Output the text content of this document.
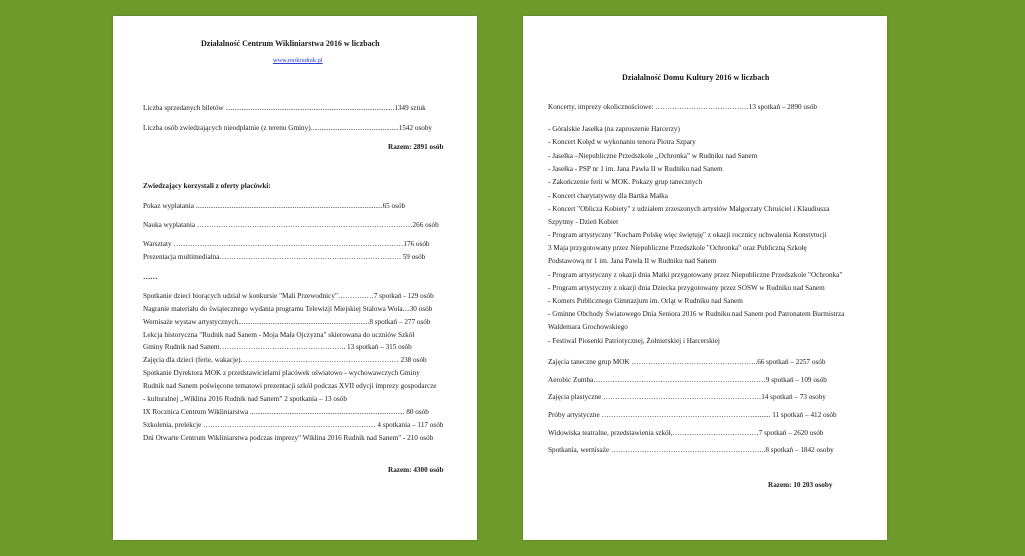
Działalność Centrum Wikliniarstwa 2016 w liczbach
www.mokrudnik.pl
Liczba sprzedanych biletów ..............................................................................................1349 sztuk
Liczba osób zwiedzających nieodpłatnie (z terenu Gminy).................................................1542 osoby
Razem: 2891 osób
Zwiedzający korzystali z oferty placówki:
Pokaz wyplatania ........................................................................................................65 osób
Nauka wyplatania ………………………………………………………………………………266 osób
Warsztaty ……………………………………………………………………………………176 osób
Prezentacja multimedialna…………………………………………………………………. 59 osób
……
Spotkanie dzieci biorących udział w konkursie "Mali Przewodnicy"……………7 spotkań - 129 osób
Nagranie materiału do świątecznego wydania programu Telewizji Miejskiej Stalowa Wola....30 osób
Wernisaże wystaw artystycznych.........................................................................8 spotkań – 277 osób
Lekcja historyczna "Rudnik nad Sanem - Moja Mała Ojczyzna" skierowana do uczniów Szkół
Gminy Rudnik nad Sanem…………………………………………….. 13 spotkań – 315 osób
Zajęcia dla dzieci (ferie, wakacje)………………………………………………………… 238 osób
Spotkanie Dyrektora MOK z przedstawicielami placówek oświatowo - wychowawczych Gminy
Rudnik nad Sanem poświęcone tematowi prezentacji szkół podczas XVII edycji imprezy gospodarcze
- kulturalnej ,,Wiklina 2016 Rudnik nad Sanem” 2 spotkania – 13 osób
IX Rocznica Centrum Wikliniarstwa ...................................................................................... 80 osób
Szkolenia, prelekcje ……………………………………………………………… 4 spotkania – 117 osób
Dni Otwarte Centrum Wikliniarstwa podczas imprezy" Wiklina 2016 Rudnik nad Sanem" - 210 osób
Razem: 4300 osób
Działalność Domu Kultury 2016 w liczbach
Koncerty, imprezy okolicznościowe: …………………………………13 spotkań – 2890 osób
- Góralskie Jasełka (na zaproszenie Harcerzy)
- Koncert Kolęd w wykonaniu tenora Piotra Szpary
- Jasełka –Niepubliczne Przedszkole ,,Ochronka” w Rudniku nad Sanem
- Jasełka - PSP nr 1 im. Jana Pawła II w Rudniku nad Sanem
- Zakończenie ferii w MOK. Pokazy grup tanecznych
- Koncert charytatywny dla Bartka Małka
- Koncert "Oblicza Kobiety" z udziałem zrzeszonych artystów Małgorzaty Chruściel i Klaudiusza
Szpytmy - Dzień Kobiet
- Program artystyczny "Kocham Polskę więc świętuję" z okazji rocznicy uchwalenia Konstytucji
3 Maja przygotowany przez Niepubliczne Przedszkole "Ochronka" oraz Publiczną Szkołę
Podstawową nr 1 im. Jana Pawła II w Rudniku nad Sanem
- Program artystyczny z okazji dnia Matki przygotowany przez Niepubliczne Przedszkole "Ochronka"
- Program artystyczny z okazji dnia Dziecka przygotowany przez SOSW w Rudniku nad Sanem
- Komers Publicznego Gimnazjum im. Orląt w Rudniku nad Sanem
- Gminne Obchody Światowego Dnia Seniora 2016 w Rudniku nad Sanem pod Patronatem Burmistrza
Waldemara Grochowskiego
- Festiwal Piosenki Patriotycznej, Żołnierskiej i Harcerskiej
Zajęcia taneczne grup MOK ……………………………………………..66 spotkań – 2257 osób
Aerobic Zumba………………………………………………………………9 spotkań – 109 osób
Zajęcia plastyczne …………………………………………………………14 spotkań – 73 osoby
Próby artystyczne ……………………………………………………….......... 11 spotkań – 412 osób
Widowiska teatralne, przedstawienia szkół,………………………………7 spotkań – 2620 osób
Spotkania, wernisaże ………………………………………………………..8 spotkań – 1842 osoby
Razem: 10 203 osoby
